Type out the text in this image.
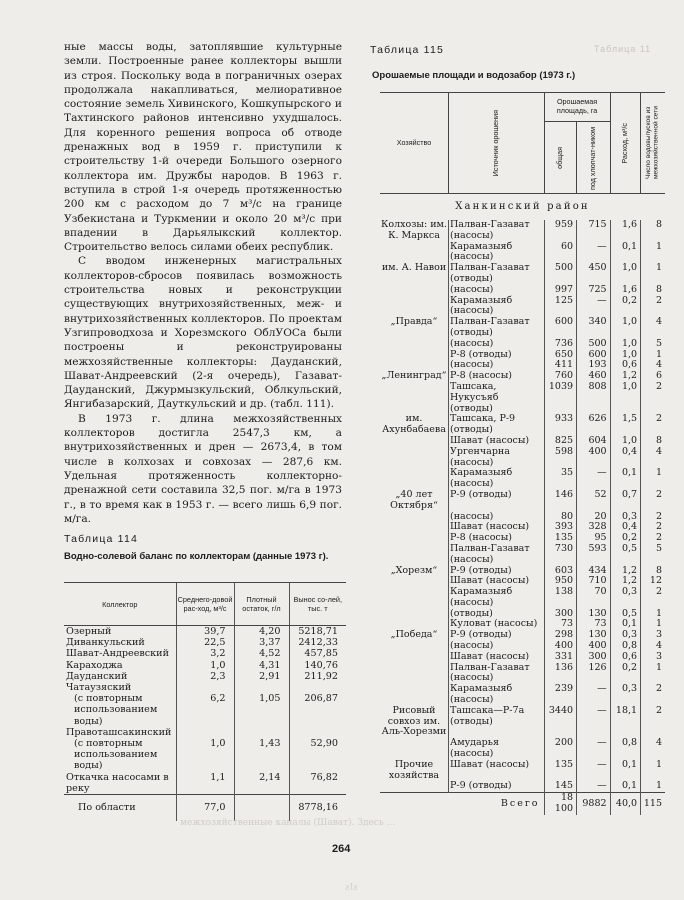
Таблица 11

ные массы воды, затоплявшие культурные земли. Построенные ранее коллекторы вышли из строя. Поскольку вода в пограничных озерах продолжала накапливаться, мелиоративное состояние земель Хивинского, Кошкупырского и Тахтинского районов интенсивно ухудшалось. Для коренного решения вопроса об отводе дренажных вод в 1959 г. приступили к строительству 1-й очереди Большого озерного коллектора им. Дружбы народов. В 1963 г. вступила в строй 1-я очередь протяженностью 200 км с расходом до 7 м³/с на границе Узбекистана и Туркмении и около 20 м³/с при впадении в Дарьялыкский коллектор. Строительство велось силами обеих республик.

С вводом инженерных магистральных коллекторов-сбросов появилась возможность строительства новых и реконструкции существующих внутрихозяйственных, меж- и внутрихозяйственных коллекторов. По проектам Узгипроводхоза и Хорезмского ОблУОСа были построены и реконструированы межхозяйственные коллекторы: Дауданский, Шават-Андреевский (2-я очередь), Газават-Дауданский, Джурмызкульский, Облкульский, Янгибазарский, Дауткульский и др. (табл. 111).

В 1973 г. длина межхозяйственных коллекторов достигла 2547,3 км, а внутрихозяйственных и дрен — 2673,4, в том числе в колхозах и совхозах — 287,6 км. Удельная протяженность коллекторно-дренажной сети составила 32,5 пог. м/га в 1973 г., в то время как в 1953 г. — всего лишь 6,9 пог. м/га.

Таблица 114
Водно-солевой баланс по коллекторам (данные 1973 г).
Коллектор	Среднего-довой рас-ход, м³/с	Плотный остаток, г/л	Вынос со-лей, тыс. т
Озерный	39,7	4,20	5218,71
Диванкульский	22,5	3,37	2412,33
Шават-Андреевский	3,2	4,52	457,85
Караходжа	1,0	4,31	140,76
Дауданский	2,3	2,91	211,92
Чатаузяский			
(с повторным использованием воды)	6,2	1,05	206,87
Правоташсакинский			
(с повторным использованием воды)	1,0	1,43	52,90
Откачка насосами в реку	1,1	2,14	76,82
По области	77,0		8778,16
Таблица 115
Орошаемые площади и водозабор (1973 г.)
Хозяйство	Источник орошения	Орошаемая площадь, га		Расход, м³/с	Число водовыпусков из межхозяйственной сети

		общая	под хлопчат-ником		

Ханкинский район					
Колхозы: им. К. Маркса	Палван-Газават (насосы)	959	715	1,6	8
	Карамазыяб (насосы)	60	—	0,1	1
им. А. Навои	Палван-Газават (отводы)	500	450	1,0	1
	(насосы)	997	725	1,6	8
	Карамазыяб (насосы)	125	—	0,2	2
„Правда“	Палван-Газават (отводы)	600	340	1,0	4
	(насосы)	736	500	1,0	5
	Р-8 (отводы)	650	600	1,0	1
	(насосы)	411	193	0,6	4
„Ленинград“	Р-8 (насосы)	760	460	1,2	6
	Ташсака, Нукусъяб (отводы)	1039	808	1,0	2
им. Ахунбабаева	Ташсака, Р-9 (отводы)	933	626	1,5	2
	Шават (насосы)	825	604	1,0	8
	Ургенчарна (насосы)	598	400	0,4	4
	Карамазыяб (насосы)	35	—	0,1	1
„40 лет Октября“	Р-9 (отводы)	146	52	0,7	2
	(насосы)	80	20	0,3	2
	Шават (насосы)	393	328	0,4	2
	Р-8 (насосы)	135	95	0,2	2
	Палван-Газават (насосы)	730	593	0,5	5
„Хорезм“	Р-9 (отводы)	603	434	1,2	8
	Шават (насосы)	950	710	1,2	12
	Карамазыяб (насосы)	138	70	0,3	2
	(отводы)	300	130	0,5	1
	Куловат (насосы)	73	73	0,1	1
„Победа“	Р-9 (отводы)	298	130	0,3	3
	(насосы)	400	400	0,8	4
	Шават (насосы)	331	300	0,6	3
	Палван-Газават (насосы)	136	126	0,2	1
	Карамазыяб (насосы)	239	—	0,3	2
Рисовый совхоз им. Аль-Хорезми	Ташсака—Р-7а (отводы)	3440	—	18,1	2
	Амударья (насосы)	200	—	0,8	4
Прочие хозяйства	Шават (насосы)	135	—	0,1	1
	Р-9 (отводы)	145	—	0,1	1
	Всего	18 100	9882	40,0	115
межхозяйственные каналы (Шават). Здесь ...
264
ƨƖƨ
